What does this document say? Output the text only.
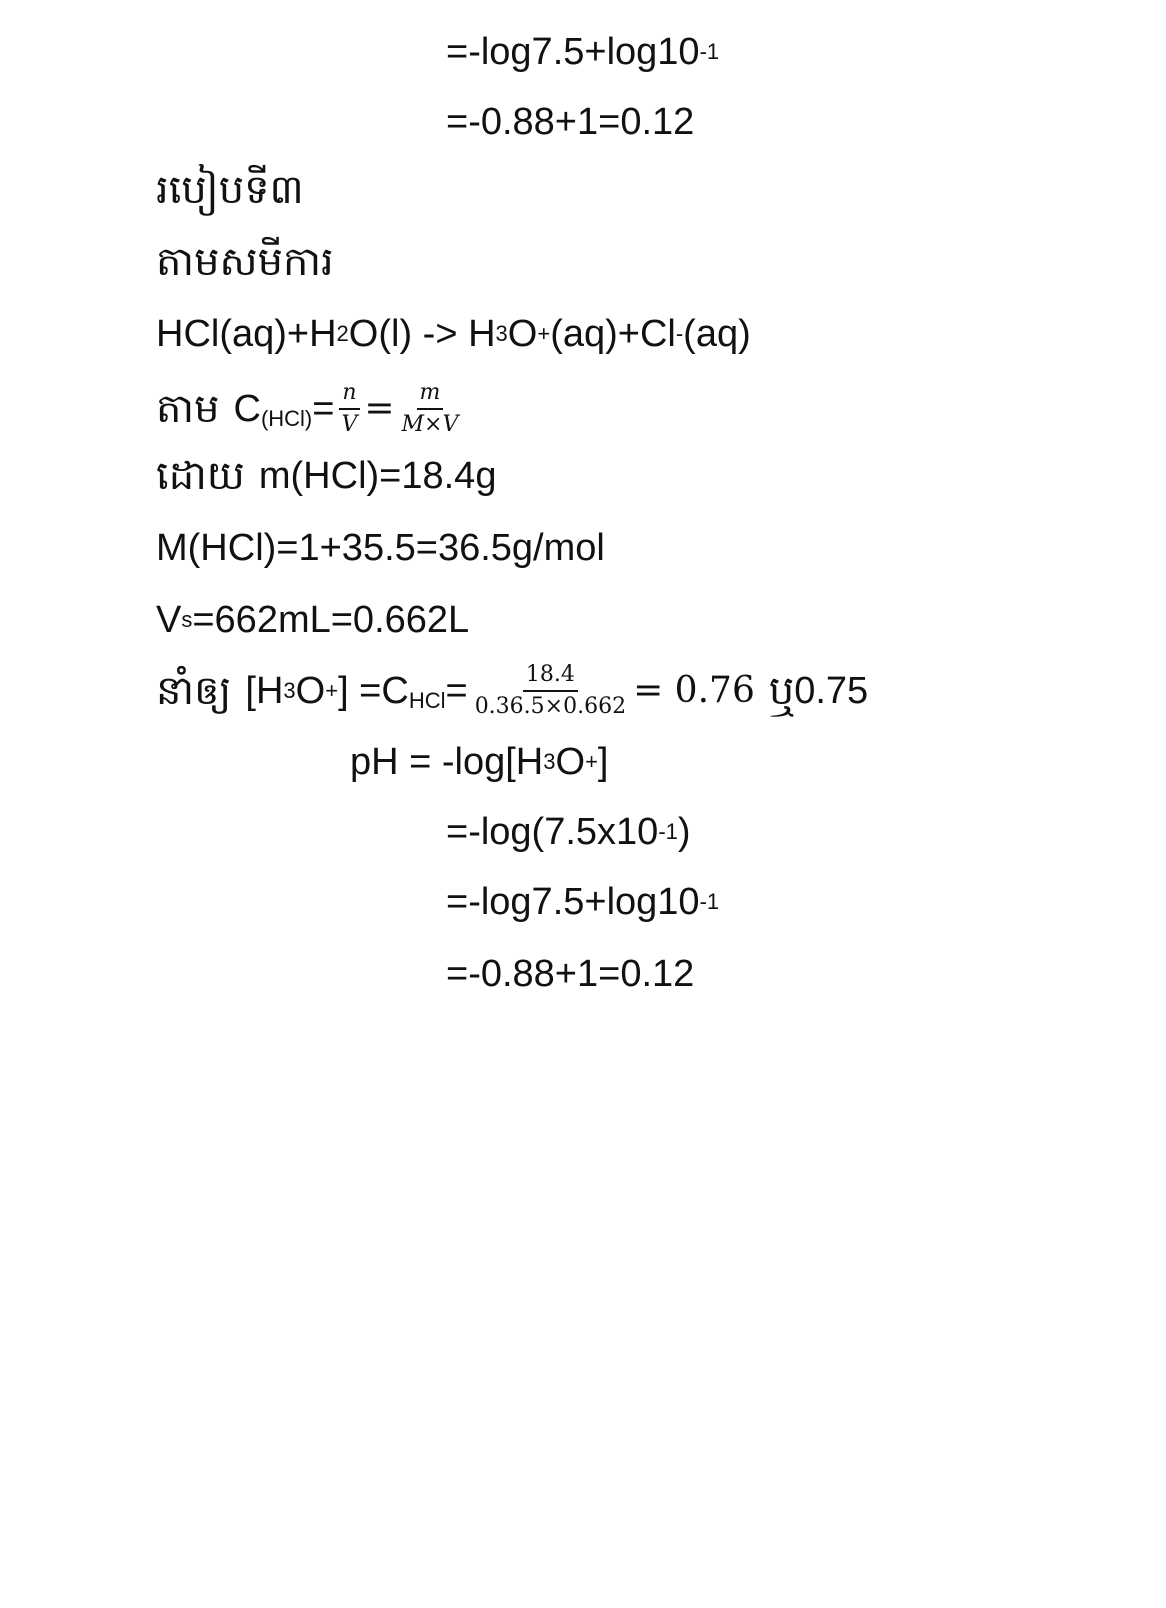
=-log7.5+log10 -1
=-0.88+1=0.12
របៀបទី៣
តាមសមីការ
HCl(aq)+H 2 O(l) -> H 3 O + (aq)+Cl - (aq)
តាម C $(HCl) = \frac{n}{V} = \frac{m}{M\times V}$
ដោយ m(HCl)=18.4g
M(HCl)=1+35.5=36.5g/mol
V s =662mL=0.662L
នាំឲ្យ [H 3 O + ] =C HCl = $\frac{18.4}{0.36.5\times 0.662} = 0.76$ ឬ 0.75
pH = -log[H 3 O + ]
=-log(7.5x10 -1 )
=-log7.5+log10 -1
=-0.88+1=0.12
